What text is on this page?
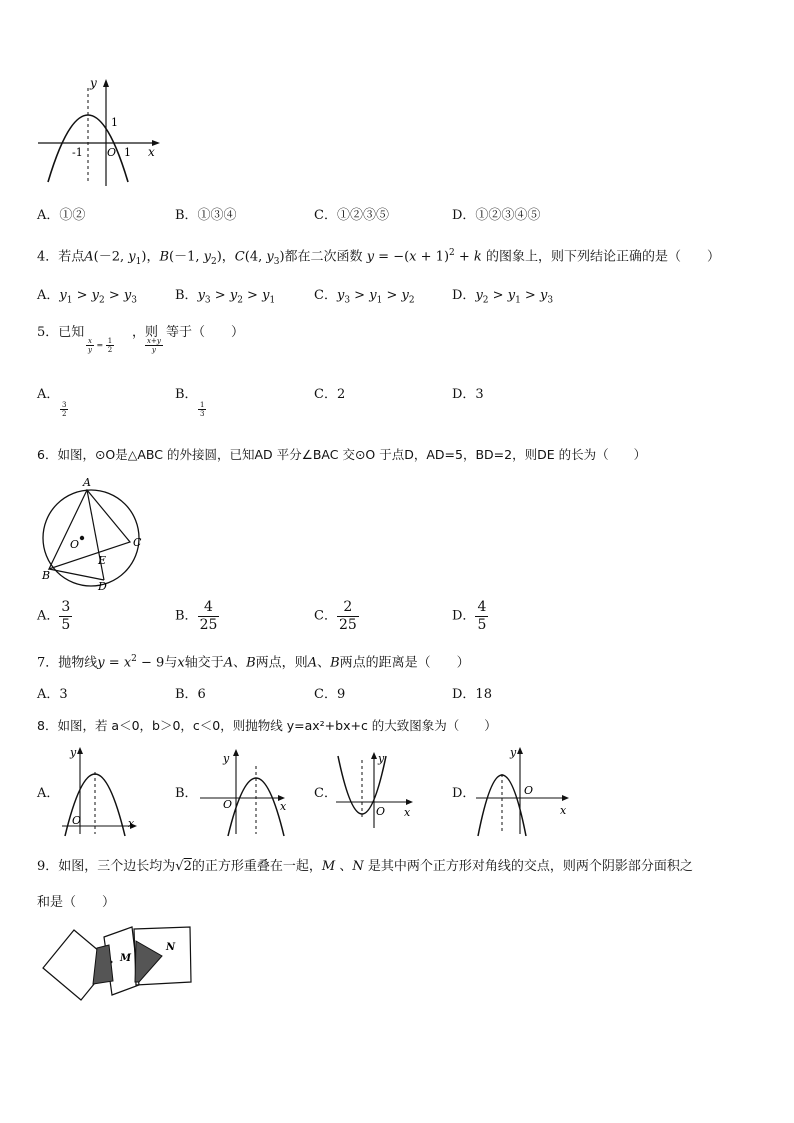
y
x
1
-1 O 1
A．①②	B．①③④	C．①②③⑤	D．①②③④⑤
4．若点A(－2, $y_1$)，B(－1, $y_2$)，C(4, $y_3$)都在二次函数 $y = -(x + 1)^2 + k$ 的图象上，则下列结论正确的是（　　）
A．$y_1 > y_2 > y_3$	B．$y_3 > y_2 > y_1$	C．$y_3 > y_1 > y_2$	D．$y_2 > y_1 > y_3$
5．已知
$\frac{x}{y} = \frac{1}{2}$
，则
$\frac{x+y}{y}$
等于（　　）
A．
$\frac{3}{2}$
B．
$\frac{1}{3}$
C．2	D．3
6．如图，⊙O是△ABC 的外接圆，已知AD 平分∠BAC 交⊙O 于点D，AD=5，BD=2，则DE 的长为（　　）
A
B
C
D
E
O
A． $\frac{3}{5}$	B． $\frac{4}{25}$	C． $\frac{2}{25}$	D． $\frac{4}{5}$
7．抛物线$y = x^2 - 9$与x轴交于A、B两点，则A、B两点的距离是（　　）
A．3	B．6	C．9	D．18
8．如图，若 a＜0，b＞0，c＜0，则抛物线 y=ax²+bx+c 的大致图象为（　　）
A．
y
O	x
B．
y
O	x
C．
y
O x
D．
y
O
x
9．如图，三个边长均为√2的正方形重叠在一起，M 、N 是其中两个正方形对角线的交点，则两个阴影部分面积之
和是（　　）
M
N
